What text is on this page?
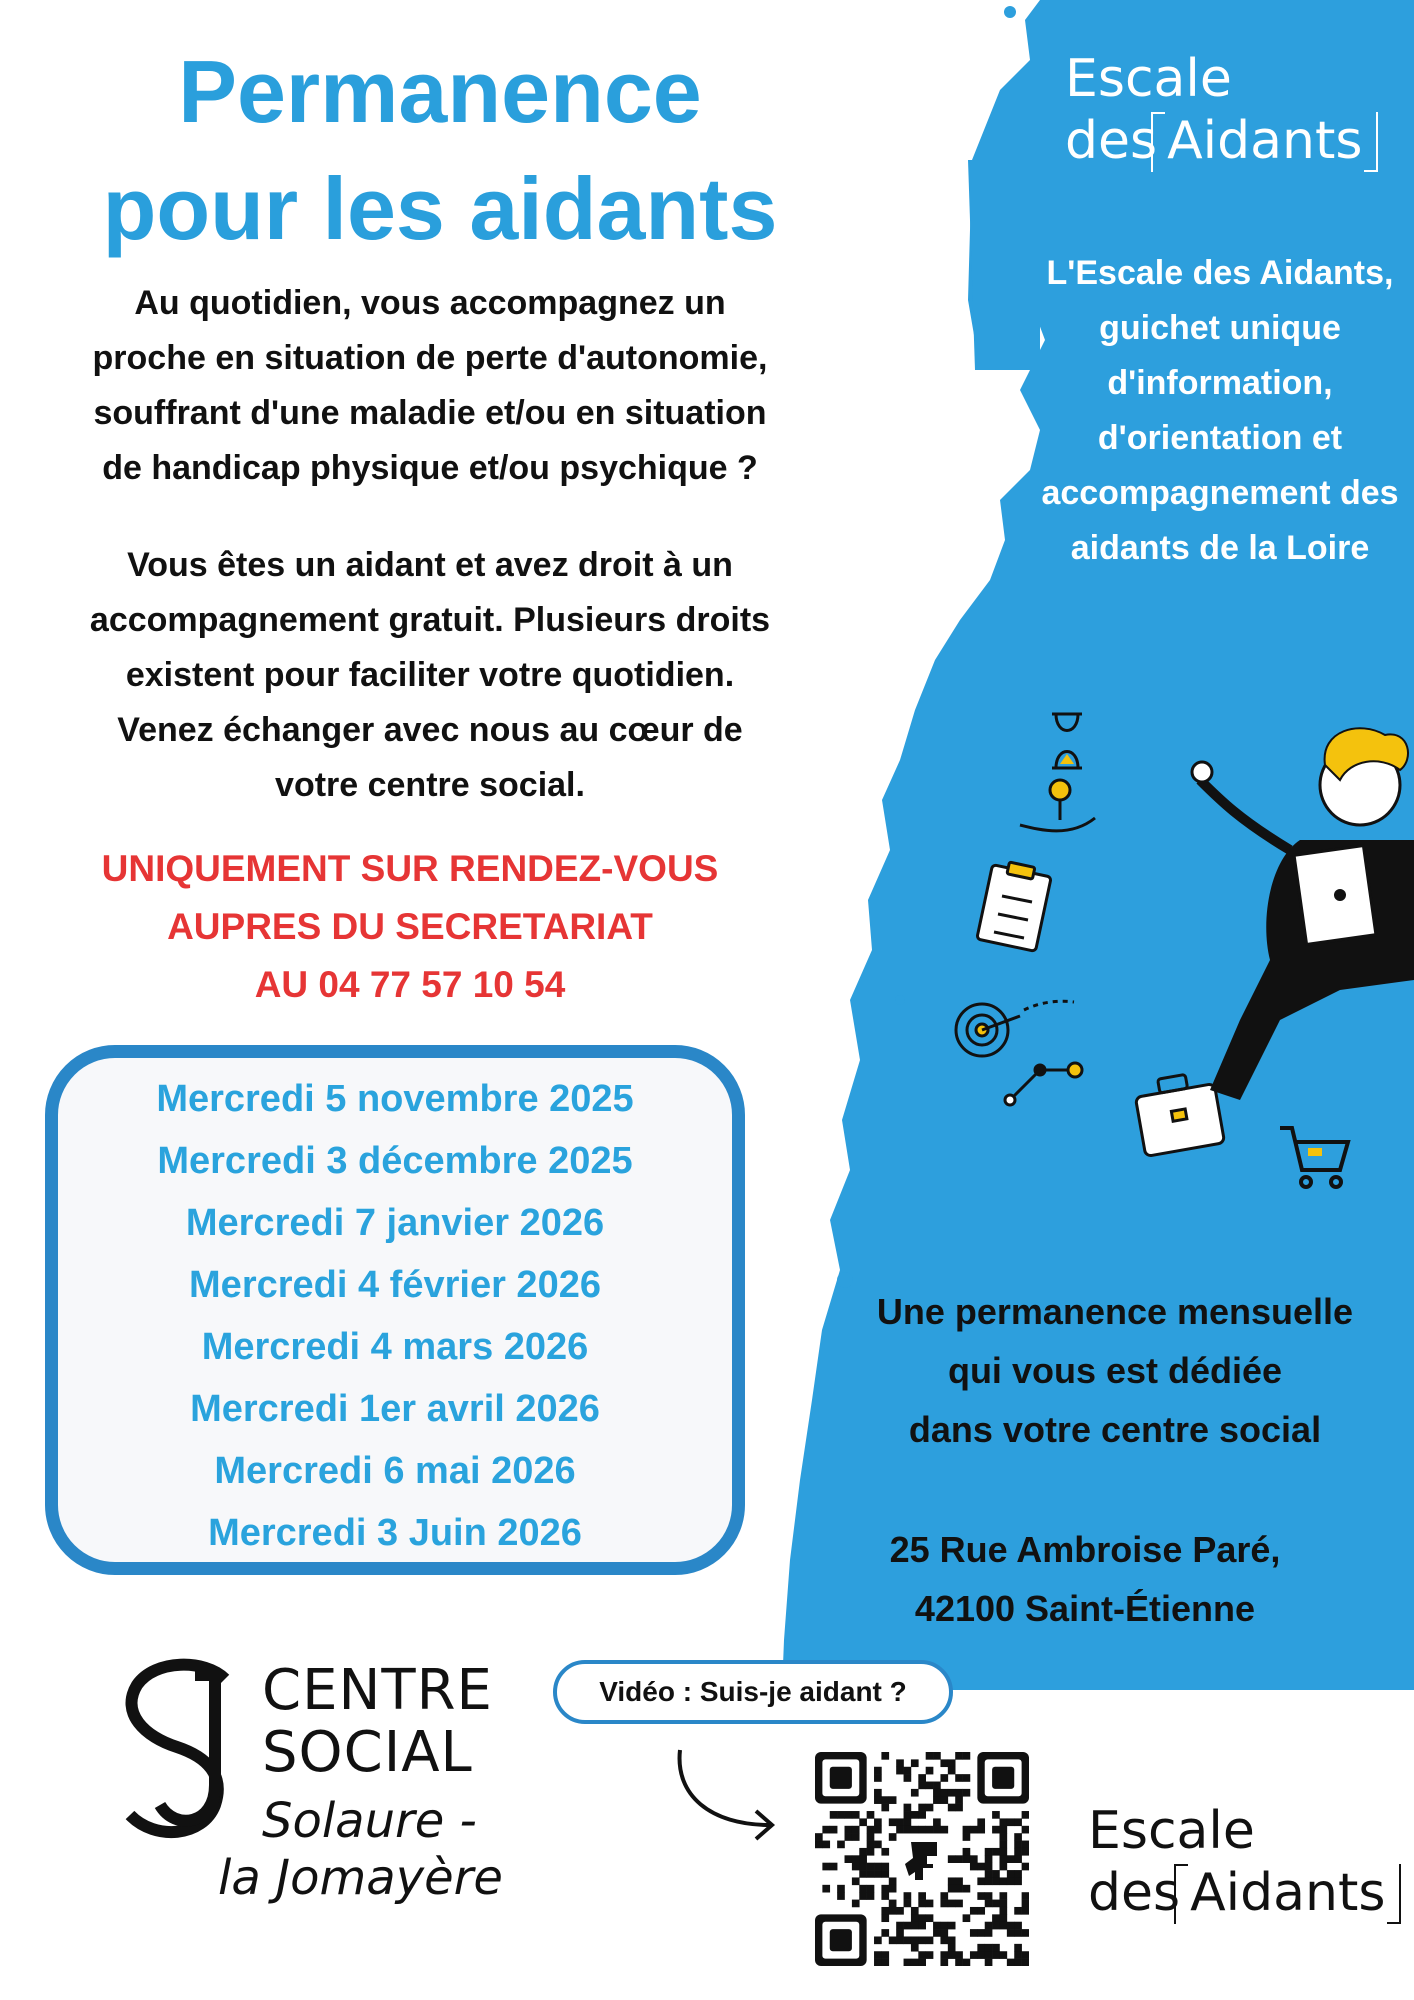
Permanence
pour les aidants
Au quotidien, vous accompagnez un
proche en situation de perte d'autonomie,
souffrant d'une maladie et/ou en situation
de handicap physique et/ou psychique ?
Vous êtes un aidant et avez droit à un
accompagnement gratuit. Plusieurs droits
existent pour faciliter votre quotidien.
Venez échanger avec nous au cœur de
votre centre social.
UNIQUEMENT SUR RENDEZ-VOUS
AUPRES DU SECRETARIAT
AU 04 77 57 10 54
Mercredi 5 novembre 2025
Mercredi 3 décembre 2025
Mercredi 7 janvier 2026
Mercredi 4 février 2026
Mercredi 4 mars 2026
Mercredi 1er avril 2026
Mercredi 6 mai 2026
Mercredi 3 Juin 2026
Escale
des Aidants
L'Escale des Aidants,
guichet unique
d'information,
d'orientation et
accompagnement des
aidants de la Loire
Une permanence mensuelle
qui vous est dédiée
dans votre centre social
25 Rue Ambroise Paré,
42100 Saint-Étienne
CENTRE
SOCIAL
Solaure -
la Jomayère
Vidéo : Suis-je aidant ?
Escale
des Aidants
